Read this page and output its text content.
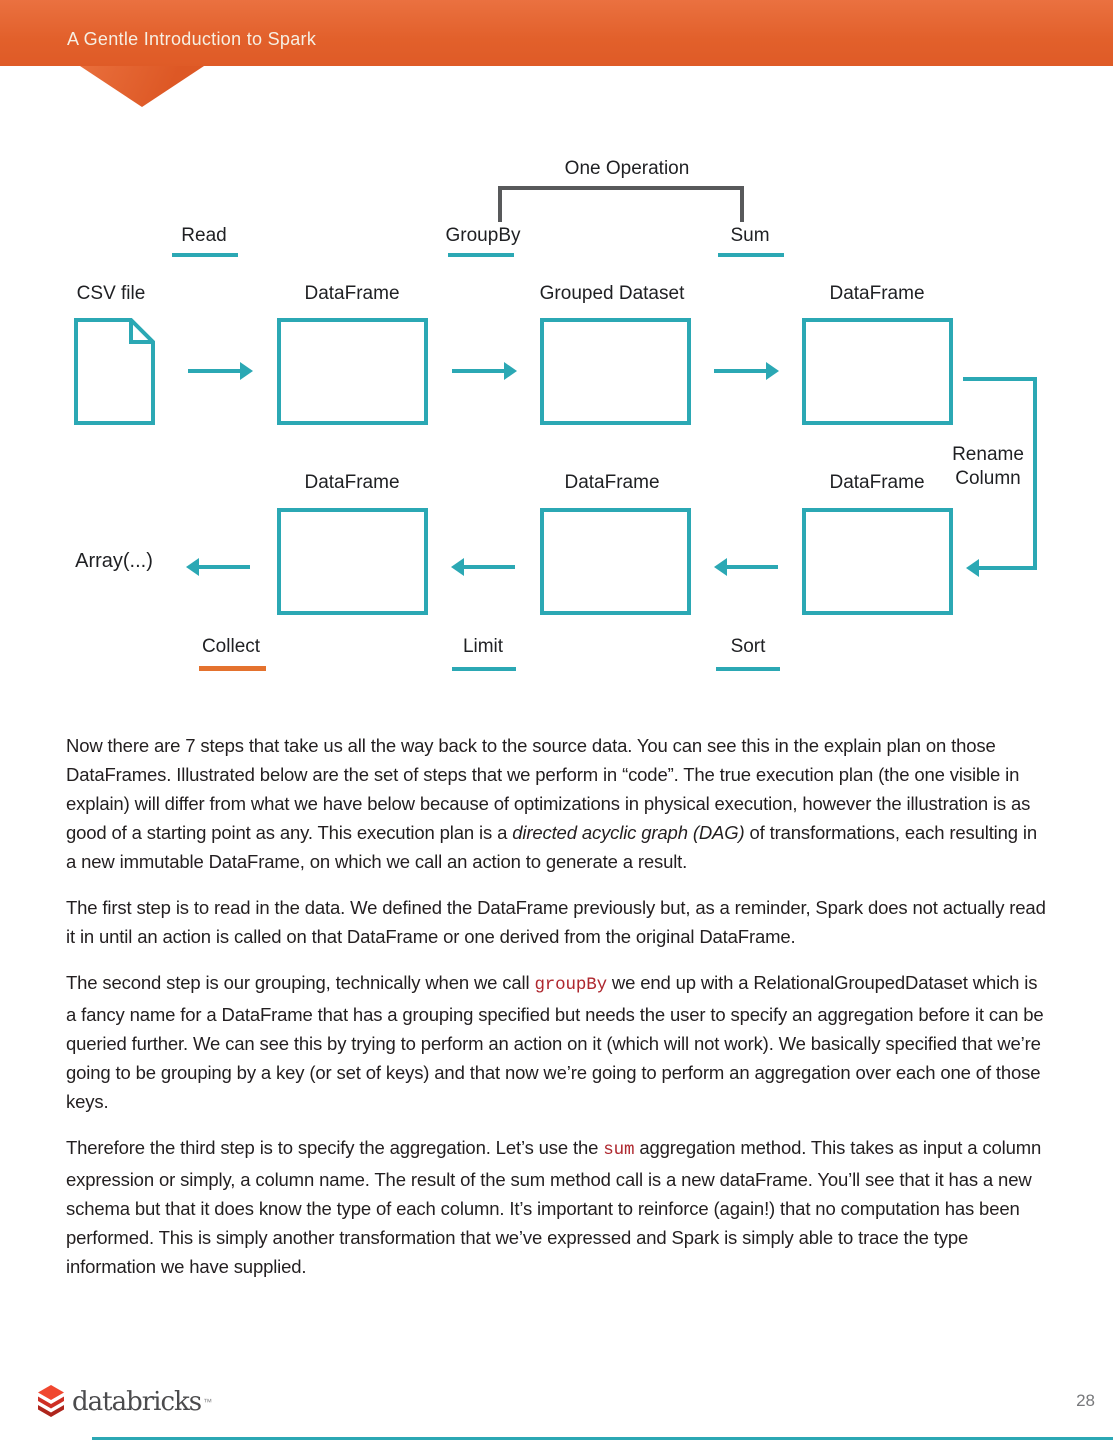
A Gentle Introduction to Spark
One Operation
Read	GroupBy	Sum
CSV file	DataFrame	Grouped Dataset	DataFrame
Rename
Column
DataFrame	DataFrame	DataFrame
Array(...)
Collect	Limit	Sort

Now there are 7 steps that take us all the way back to the source data. You can see this in the explain plan on those DataFrames. Illustrated below are the set of steps that we perform in “code”. The true execution plan (the one visible in explain) will differ from what we have below because of optimizations in physical execution, however the illustration is as good of a starting point as any. This execution plan is a directed acyclic graph (DAG) of transformations, each resulting in a new immutable DataFrame, on which we call an action to generate a result.

The first step is to read in the data. We defined the DataFrame previously but, as a reminder, Spark does not actually read it in until an action is called on that DataFrame or one derived from the original DataFrame.

The second step is our grouping, technically when we call groupBy we end up with a RelationalGroupedDataset which is a fancy name for a DataFrame that has a grouping specified but needs the user to specify an aggregation before it can be queried further. We can see this by trying to perform an action on it (which will not work). We basically specified that we’re going to be grouping by a key (or set of keys) and that now we’re going to perform an aggregation over each one of those keys.

Therefore the third step is to specify the aggregation. Let’s use the sum aggregation method. This takes as input a column expression or simply, a column name. The result of the sum method call is a new dataFrame. You’ll see that it has a new schema but that it does know the type of each column. It’s important to reinforce (again!) that no computation has been performed. This is simply another transformation that we’ve expressed and Spark is simply able to trace the type information we have supplied.

databricks ™	28
